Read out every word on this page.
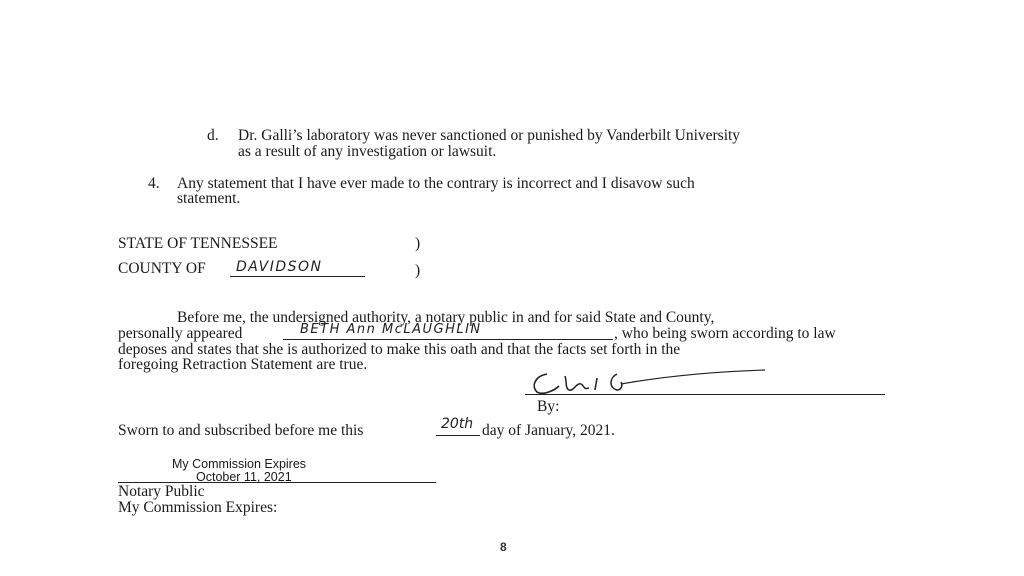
d. Dr. Galli’s laboratory was never sanctioned or punished by Vanderbilt University
as a result of any investigation or lawsuit.
4. Any statement that I have ever made to the contrary is incorrect and I disavow such
statement.
STATE OF TENNESSEE	)
COUNTY OF DAVIDSON	)
Before me, the undersigned authority, a notary public in and for said State and County,
personally appeared	BETH Ann McLAUGHLIN	, who being sworn according to law
deposes and states that she is authorized to make this oath and that the facts set forth in the
foregoing Retraction Statement are true.
By:
Sworn to and subscribed before me this	20th day of January, 2021.
My Commission Expires
October 11, 2021
Notary Public
My Commission Expires:
8
